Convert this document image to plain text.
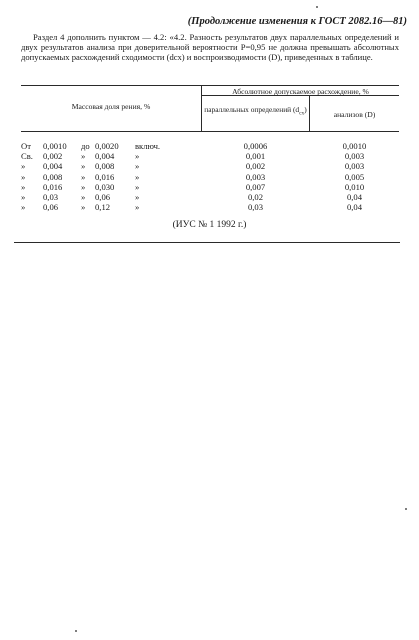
(Продолжение изменения к ГОСТ 2082.16—81)
Раздел 4 дополнить пунктом — 4.2: «4.2. Разность результатов двух параллельных определений и двух результатов анализа при доверительной вероятности Р=0,95 не должна превышать абсолютных допускаемых расхождений сходимости (dсх) и воспроизводимости (D), приведенных в таблице.
Массовая доля рения, %
Абсолютное допускаемое расхождение, %
параллельных определений $(d_{сх})$
анализов (D)
От	0,0010	до 0,0020	включ.	0,0006	0,0010
Св.	0,002	»	0,004	»	0,001	0,003
»	0,004	»	0,008	»	0,002	0,003
»	0,008	»	0,016	»	0,003	0,005
»	0,016	»	0,030	»	0,007	0,010
»	0,03	»	0,06	»	0,02	0,04
»	0,06	»	0,12	»	0,03	0,04
(ИУС № 1 1992 г.)
